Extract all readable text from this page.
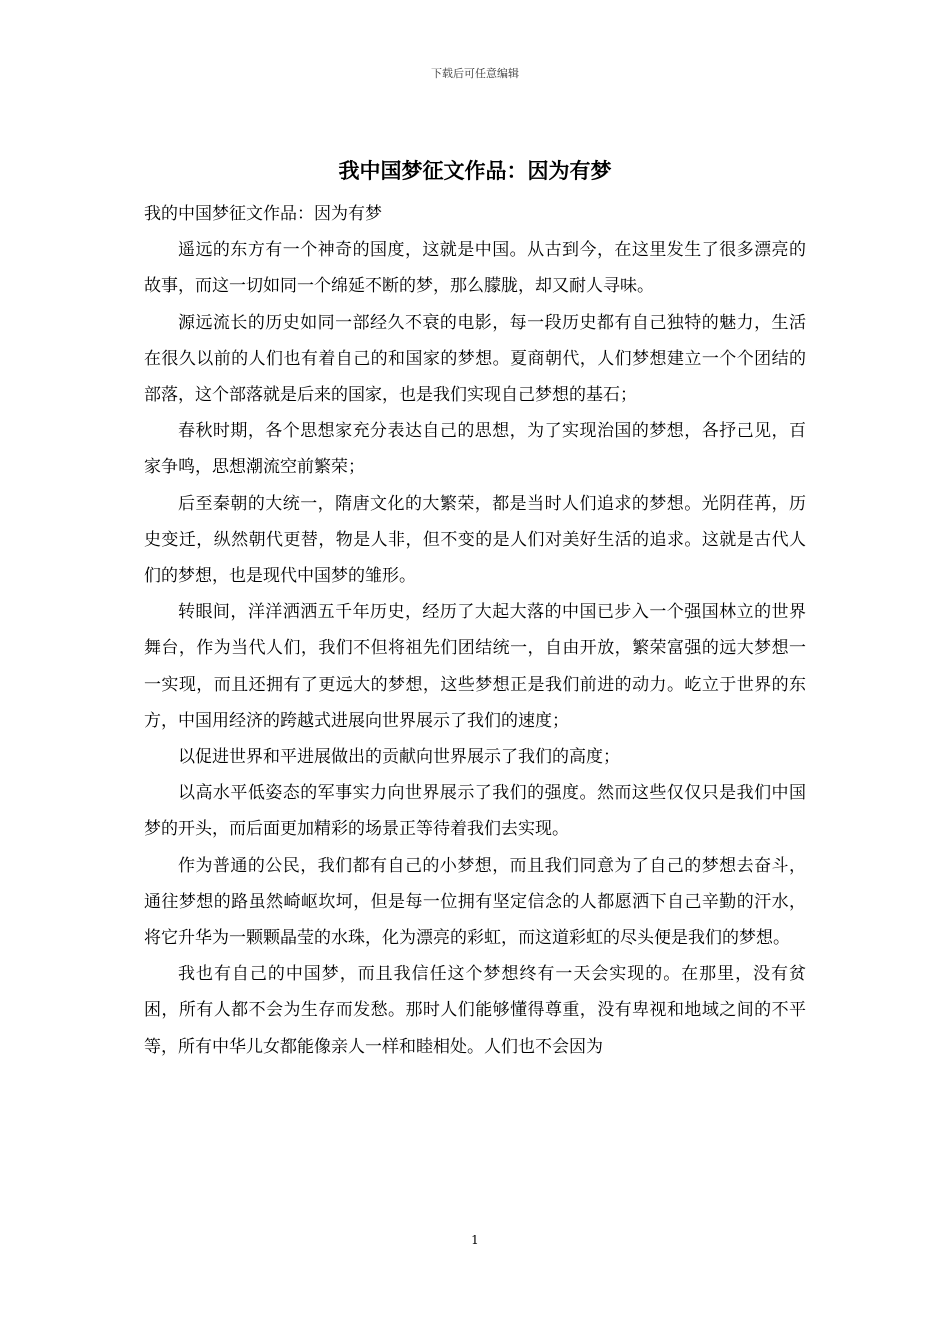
下载后可任意编辑
我中国梦征文作品：因为有梦

我的中国梦征文作品：因为有梦

遥远的东方有一个神奇的国度，这就是中国。从古到今，在这里发生了很多漂亮的故事，而这一切如同一个绵延不断的梦，那么朦胧，却又耐人寻味。

源远流长的历史如同一部经久不衰的电影，每一段历史都有自己独特的魅力，生活在很久以前的人们也有着自己的和国家的梦想。夏商朝代，人们梦想建立一个个团结的部落，这个部落就是后来的国家，也是我们实现自己梦想的基石；

春秋时期，各个思想家充分表达自己的思想，为了实现治国的梦想，各抒己见，百家争鸣，思想潮流空前繁荣；

后至秦朝的大统一，隋唐文化的大繁荣，都是当时人们追求的梦想。光阴荏苒，历史变迁，纵然朝代更替，物是人非，但不变的是人们对美好生活的追求。这就是古代人们的梦想，也是现代中国梦的雏形。

转眼间，洋洋洒洒五千年历史，经历了大起大落的中国已步入一个强国林立的世界舞台，作为当代人们，我们不但将祖先们团结统一，自由开放，繁荣富强的远大梦想一一实现，而且还拥有了更远大的梦想，这些梦想正是我们前进的动力。屹立于世界的东方，中国用经济的跨越式进展向世界展示了我们的速度；

以促进世界和平进展做出的贡献向世界展示了我们的高度；

以高水平低姿态的军事实力向世界展示了我们的强度。然而这些仅仅只是我们中国梦的开头，而后面更加精彩的场景正等待着我们去实现。

作为普通的公民，我们都有自己的小梦想，而且我们同意为了自己的梦想去奋斗，通往梦想的路虽然崎岖坎坷，但是每一位拥有坚定信念的人都愿洒下自己辛勤的汗水，将它升华为一颗颗晶莹的水珠，化为漂亮的彩虹，而这道彩虹的尽头便是我们的梦想。

我也有自己的中国梦，而且我信任这个梦想终有一天会实现的。在那里，没有贫困，所有人都不会为生存而发愁。那时人们能够懂得尊重，没有卑视和地域之间的不平等，所有中华儿女都能像亲人一样和睦相处。人们也不会因为

1
